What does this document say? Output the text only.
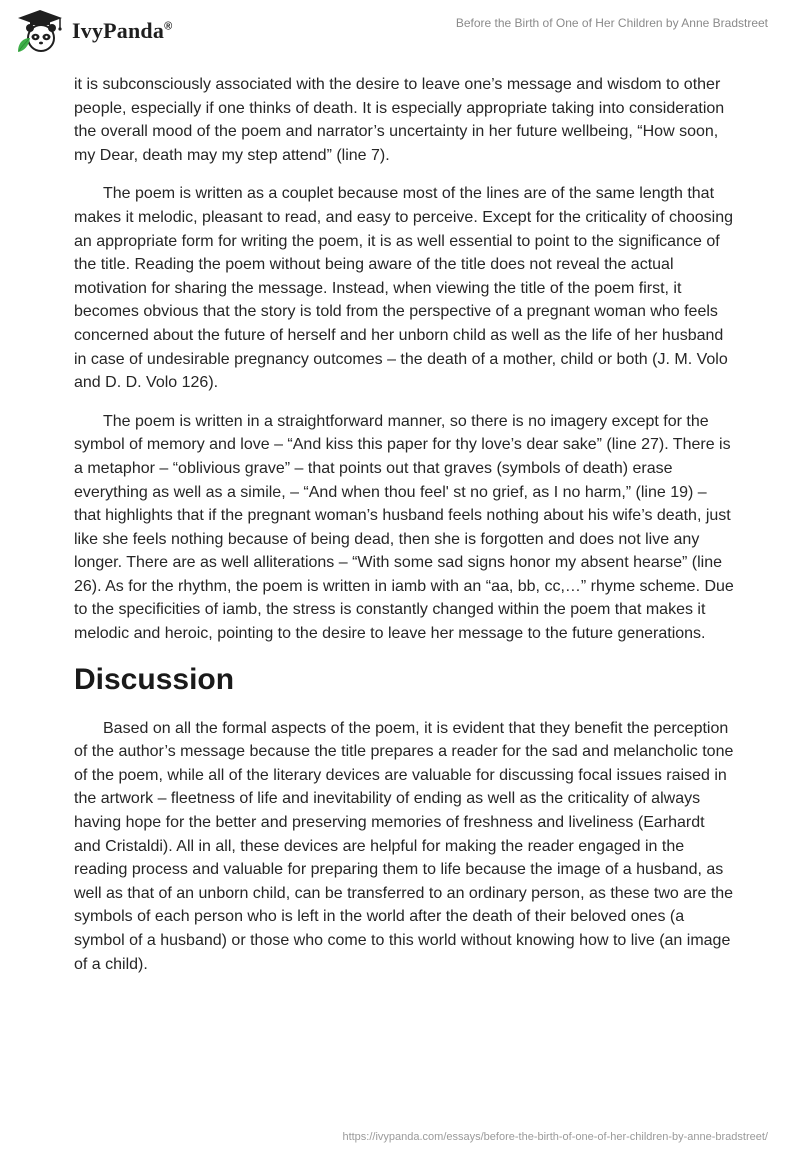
IvyPanda®	Before the Birth of One of Her Children by Anne Bradstreet

it is subconsciously associated with the desire to leave one’s message and wisdom to other people, especially if one thinks of death. It is especially appropriate taking into consideration the overall mood of the poem and narrator’s uncertainty in her future wellbeing, “How soon, my Dear, death may my step attend” (line 7).

The poem is written as a couplet because most of the lines are of the same length that makes it melodic, pleasant to read, and easy to perceive. Except for the criticality of choosing an appropriate form for writing the poem, it is as well essential to point to the significance of the title. Reading the poem without being aware of the title does not reveal the actual motivation for sharing the message. Instead, when viewing the title of the poem first, it becomes obvious that the story is told from the perspective of a pregnant woman who feels concerned about the future of herself and her unborn child as well as the life of her husband in case of undesirable pregnancy outcomes – the death of a mother, child or both (J. M. Volo and D. D. Volo 126).

The poem is written in a straightforward manner, so there is no imagery except for the symbol of memory and love – “And kiss this paper for thy love’s dear sake” (line 27). There is a metaphor – “oblivious grave” – that points out that graves (symbols of death) erase everything as well as a simile, – “And when thou feel' st no grief, as I no harm,” (line 19) – that highlights that if the pregnant woman’s husband feels nothing about his wife’s death, just like she feels nothing because of being dead, then she is forgotten and does not live any longer. There are as well alliterations – “With some sad signs honor my absent hearse” (line 26). As for the rhythm, the poem is written in iamb with an “aa, bb, cc,…” rhyme scheme. Due to the specificities of iamb, the stress is constantly changed within the poem that makes it melodic and heroic, pointing to the desire to leave her message to the future generations.

Discussion

Based on all the formal aspects of the poem, it is evident that they benefit the perception of the author’s message because the title prepares a reader for the sad and melancholic tone of the poem, while all of the literary devices are valuable for discussing focal issues raised in the artwork – fleetness of life and inevitability of ending as well as the criticality of always having hope for the better and preserving memories of freshness and liveliness (Earhardt and Cristaldi). All in all, these devices are helpful for making the reader engaged in the reading process and valuable for preparing them to life because the image of a husband, as well as that of an unborn child, can be transferred to an ordinary person, as these two are the symbols of each person who is left in the world after the death of their beloved ones (a symbol of a husband) or those who come to this world without knowing how to live (an image of a child).

https://ivypanda.com/essays/before-the-birth-of-one-of-her-children-by-anne-bradstreet/
